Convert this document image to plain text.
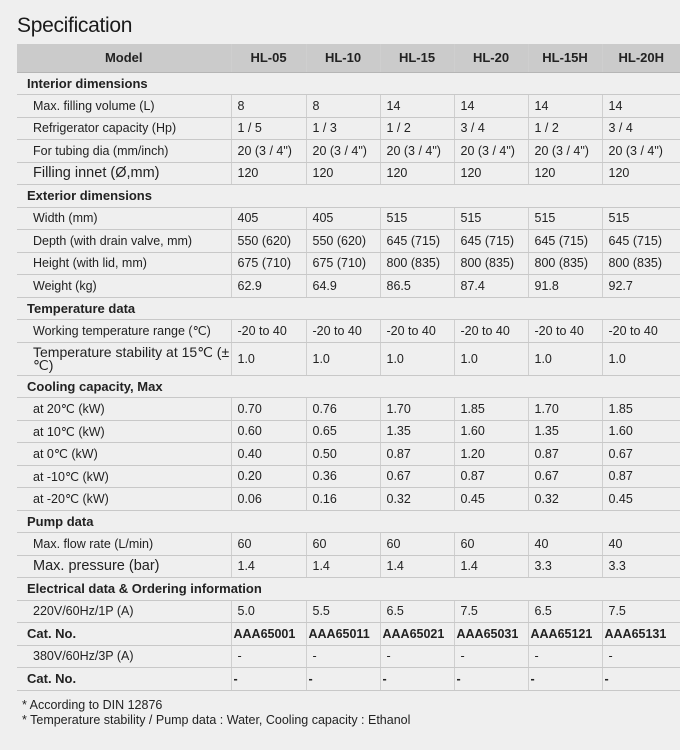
Specification
Model	HL-05	HL-10	HL-15	HL-20	HL-15H	HL-20H
Interior dimensions						
Max. filling volume (L)	8	8	14	14	14	14
Refrigerator capacity (Hp)	1 / 5	1 / 3	1 / 2	3 / 4	1 / 2	3 / 4
For tubing dia (mm/inch)	20 (3 / 4")	20 (3 / 4")	20 (3 / 4")	20 (3 / 4")	20 (3 / 4")	20 (3 / 4")
Filling innet (Ø,mm)	120	120	120	120	120	120
Exterior dimensions						
Width (mm)	405	405	515	515	515	515
Depth (with drain valve, mm)	550 (620)	550 (620)	645 (715)	645 (715)	645 (715)	645 (715)
Height (with lid, mm)	675 (710)	675 (710)	800 (835)	800 (835)	800 (835)	800 (835)
Weight (kg)	62.9	64.9	86.5	87.4	91.8	92.7
Temperature data						
Working temperature range (℃)	-20 to 40	-20 to 40	-20 to 40	-20 to 40	-20 to 40	-20 to 40
Temperature stability at 15℃ (±℃)	1.0	1.0	1.0	1.0	1.0	1.0
Cooling capacity, Max						
at 20℃ (kW)	0.70	0.76	1.70	1.85	1.70	1.85
at 10℃ (kW)	0.60	0.65	1.35	1.60	1.35	1.60
at 0℃ (kW)	0.40	0.50	0.87	1.20	0.87	0.67
at -10℃ (kW)	0.20	0.36	0.67	0.87	0.67	0.87
at -20℃ (kW)	0.06	0.16	0.32	0.45	0.32	0.45
Pump data						
Max. flow rate (L/min)	60	60	60	60	40	40
Max. pressure (bar)	1.4	1.4	1.4	1.4	3.3	3.3
Electrical data & Ordering information						
220V/60Hz/1P (A)	5.0	5.5	6.5	7.5	6.5	7.5
Cat. No.	AAA65001	AAA65011	AAA65021	AAA65031	AAA65121	AAA65131
380V/60Hz/3P (A)	-	-	-	-	-	-
Cat. No.	-	-	-	-	-	-
* According to DIN 12876
* Temperature stability / Pump data : Water, Cooling capacity : Ethanol
